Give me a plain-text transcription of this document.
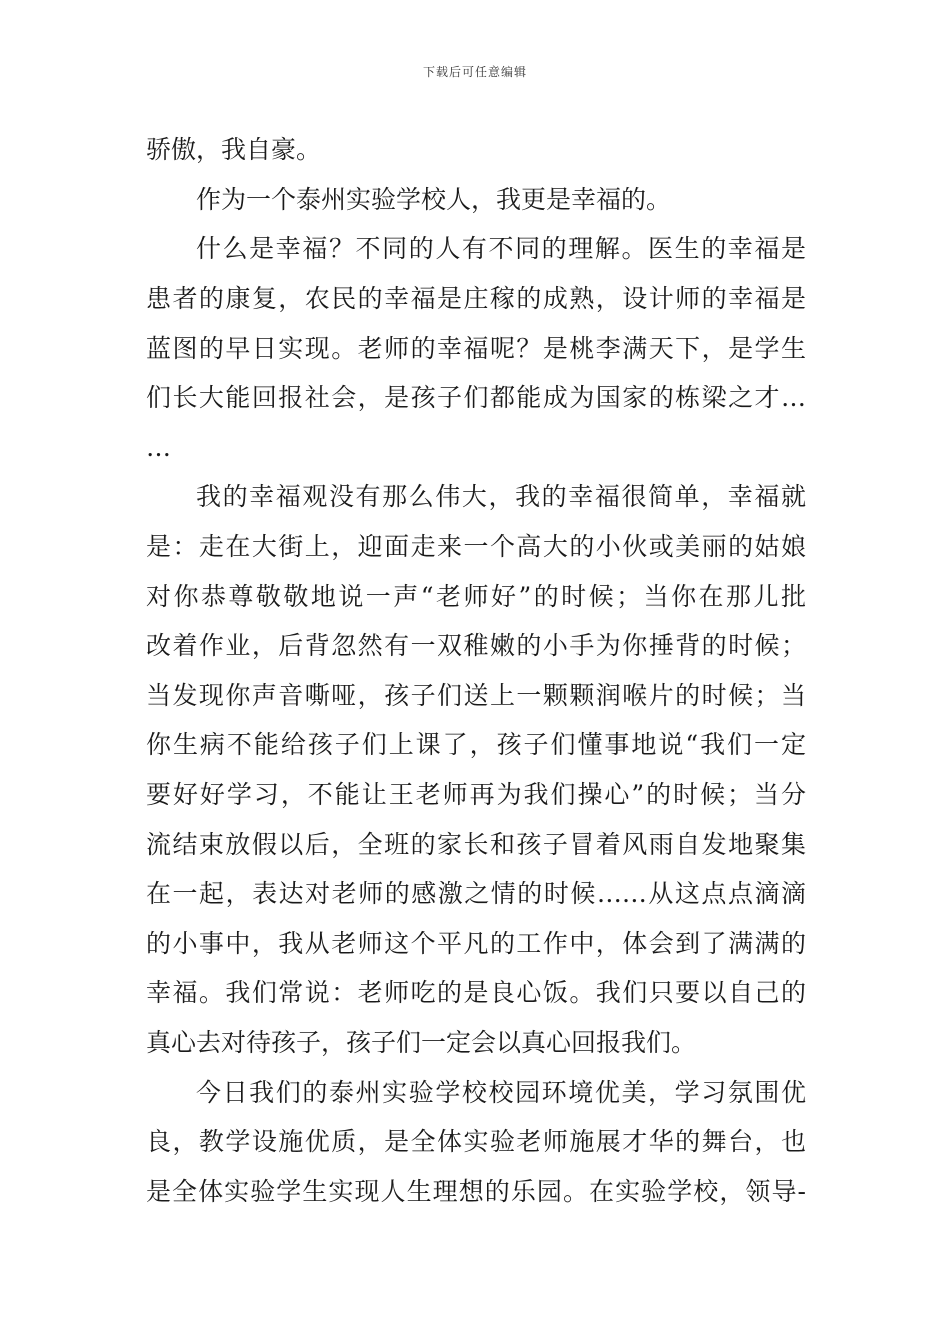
下载后可任意编辑
骄傲，我自豪。
作为一个泰州实验学校人，我更是幸福的。
什么是幸福？不同的人有不同的理解。医生的幸福是
患者的康复，农民的幸福是庄稼的成熟，设计师的幸福是
蓝图的早日实现。老师的幸福呢？是桃李满天下，是学生
们长大能回报社会，是孩子们都能成为国家的栋梁之才…
…
我的幸福观没有那么伟大，我的幸福很简单，幸福就
是：走在大街上，迎面走来一个高大的小伙或美丽的姑娘
对你恭尊敬敬地说一声“老师好”的时候；当你在那儿批
改着作业，后背忽然有一双稚嫩的小手为你捶背的时候；
当发现你声音嘶哑，孩子们送上一颗颗润喉片的时候；当
你生病不能给孩子们上课了，孩子们懂事地说“我们一定
要好好学习，不能让王老师再为我们操心”的时候；当分
流结束放假以后，全班的家长和孩子冒着风雨自发地聚集
在一起，表达对老师的感激之情的时候……从这点点滴滴
的小事中，我从老师这个平凡的工作中，体会到了满满的
幸福。我们常说：老师吃的是良心饭。我们只要以自己的
真心去对待孩子，孩子们一定会以真心回报我们。
今日我们的泰州实验学校校园环境优美，学习氛围优
良，教学设施优质，是全体实验老师施展才华的舞台，也
是全体实验学生实现人生理想的乐园。在实验学校，领导-
